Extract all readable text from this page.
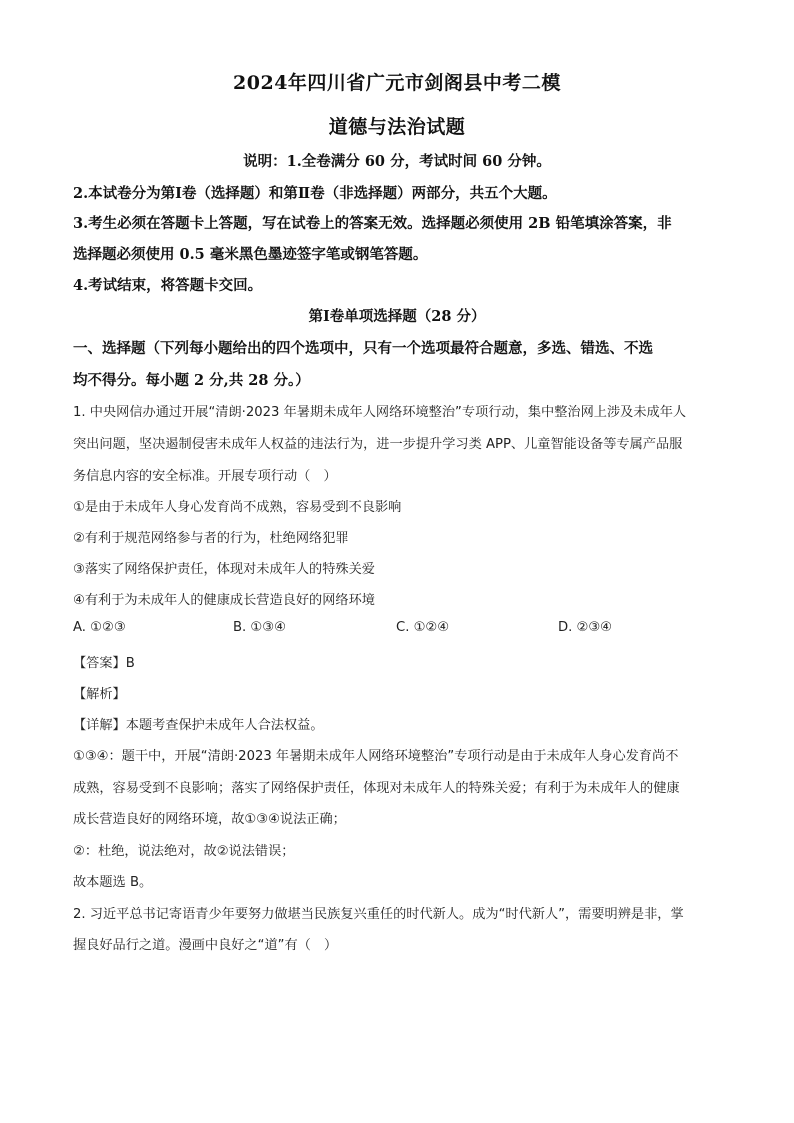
2024年四川省广元市剑阁县中考二模
道德与法治试题
说明：1.全卷满分 60 分，考试时间 60 分钟。
2.本试卷分为第Ⅰ卷（选择题）和第Ⅱ卷（非选择题）两部分，共五个大题。
3.考生必须在答题卡上答题，写在试卷上的答案无效。选择题必须使用 2B 铅笔填涂答案，非
选择题必须使用 0.5 毫米黑色墨迹签字笔或钢笔答题。
4.考试结束，将答题卡交回。
第Ⅰ卷单项选择题（28 分）
一、选择题（下列每小题给出的四个选项中，只有一个选项最符合题意，多选、错选、不选
均不得分。每小题 2 分,共 28 分。）
1. 中央网信办通过开展“清朗·2023 年暑期未成年人网络环境整治”专项行动，集中整治网上涉及未成年人
突出问题，坚决遏制侵害未成年人权益的违法行为，进一步提升学习类 APP、儿童智能设备等专属产品服
务信息内容的安全标准。开展专项行动（　）
①是由于未成年人身心发育尚不成熟，容易受到不良影响
②有利于规范网络参与者的行为，杜绝网络犯罪
③落实了网络保护责任，体现对未成年人的特殊关爱
④有利于为未成年人的健康成长营造良好的网络环境
A. ①②③	B. ①③④	C. ①②④	D. ②③④
【答案】B
【解析】
【详解】本题考查保护未成年人合法权益。
①③④：题干中，开展“清朗·2023 年暑期未成年人网络环境整治”专项行动是由于未成年人身心发育尚不
成熟，容易受到不良影响；落实了网络保护责任，体现对未成年人的特殊关爱；有利于为未成年人的健康
成长营造良好的网络环境，故①③④说法正确；
②：杜绝，说法绝对，故②说法错误；
故本题选 B。
2. 习近平总书记寄语青少年要努力做堪当民族复兴重任的时代新人。成为“时代新人”，需要明辨是非，掌
握良好品行之道。漫画中良好之“道”有（　）
